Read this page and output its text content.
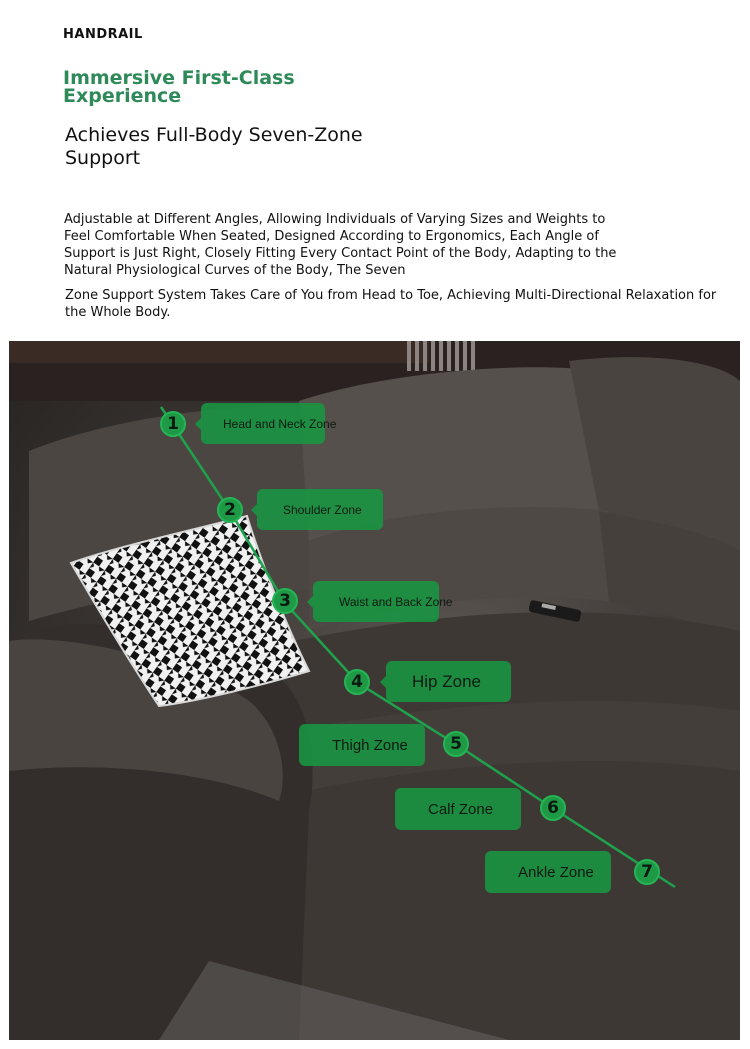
HANDRAIL
Immersive First-Class Experience
Achieves Full-Body Seven-Zone Support
Adjustable at Different Angles, Allowing Individuals of Varying Sizes and Weights to Feel Comfortable When Seated, Designed According to Ergonomics, Each Angle of Support is Just Right, Closely Fitting Every Contact Point of the Body, Adapting to the Natural Physiological Curves of the Body, The Seven
Zone Support System Takes Care of You from Head to Toe, Achieving Multi-Directional Relaxation for the Whole Body.
1	Head and Neck Zone
2	Shoulder Zone
3	Waist and Back Zone
4	Hip Zone
Thigh Zone	5
Calf Zone	6
Ankle Zone	7
